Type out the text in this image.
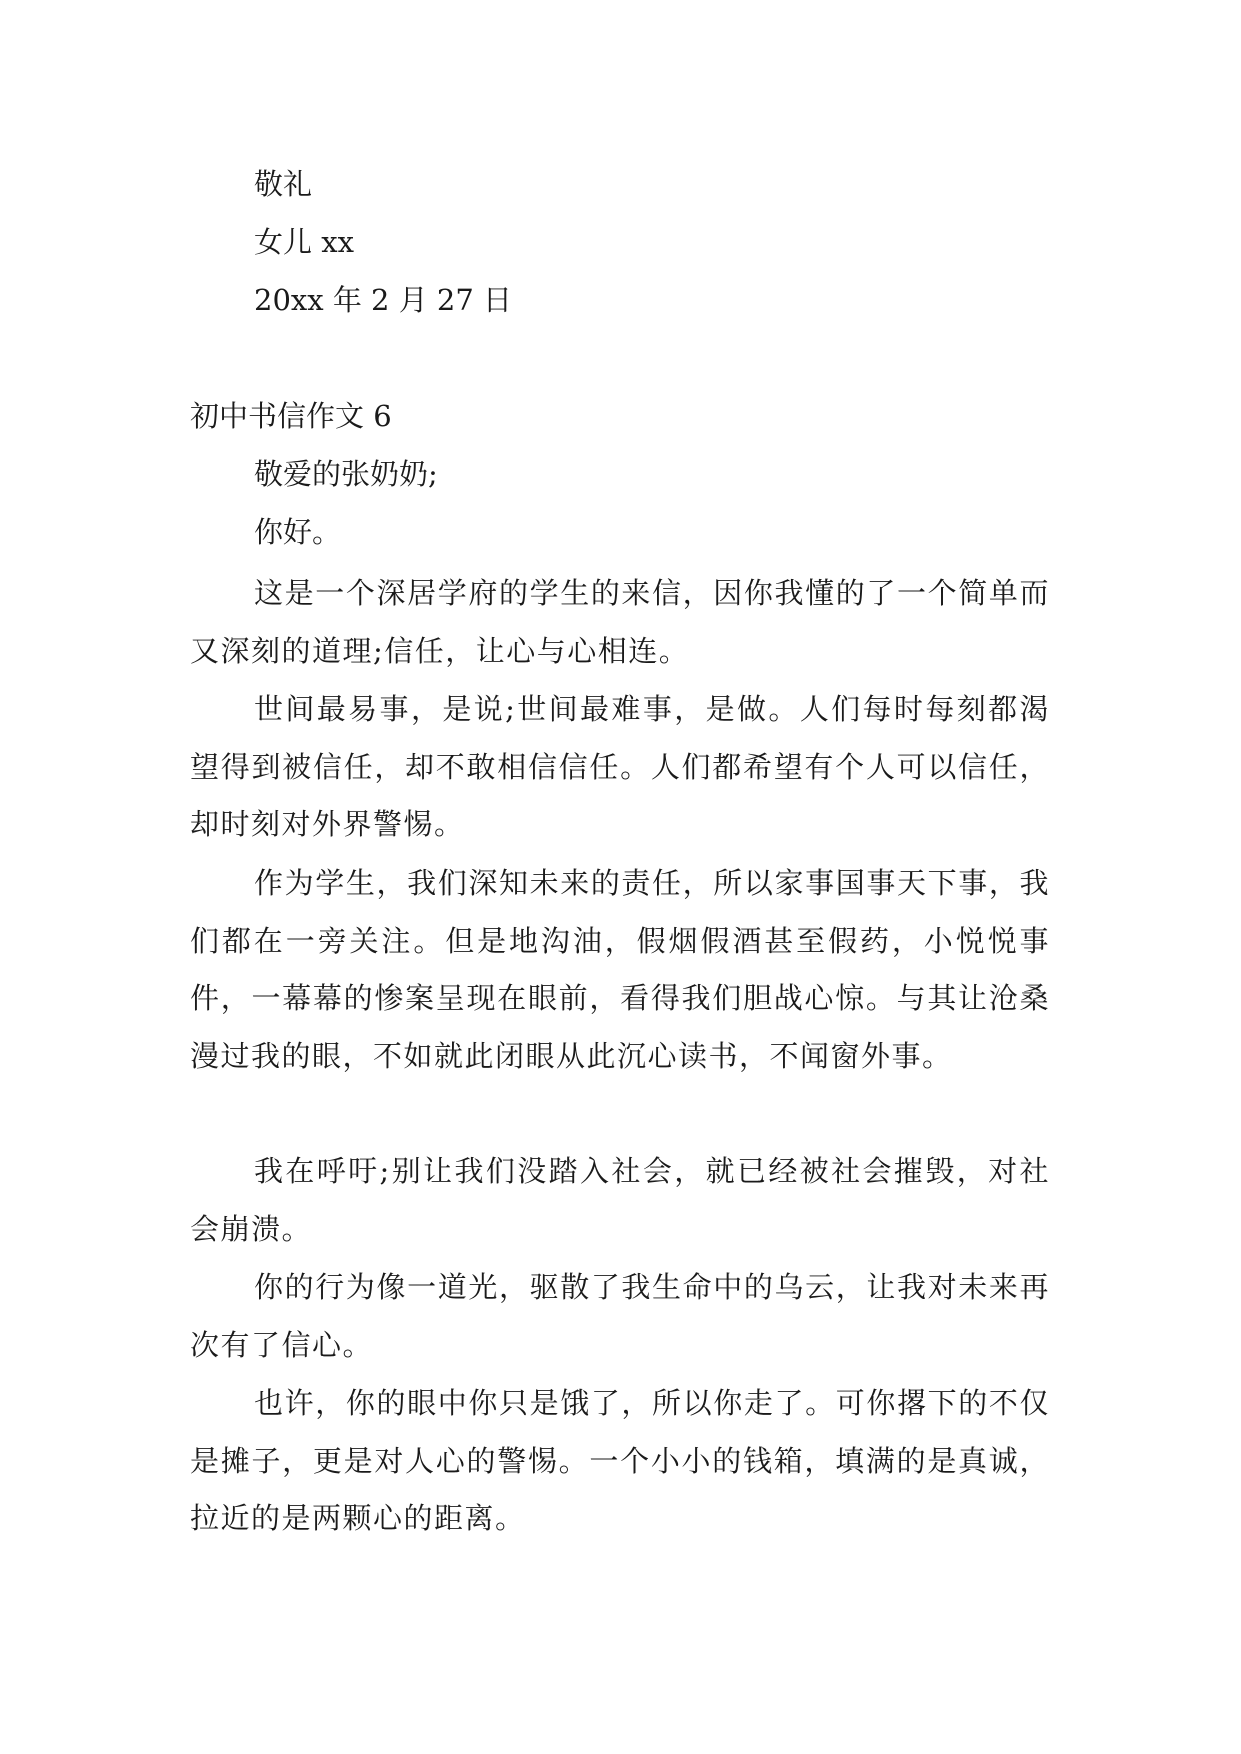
敬礼
女儿 xx
20xx 年 2 月 27 日
初中书信作文 6
敬爱的张奶奶;
你好。
这是一个深居学府的学生的来信，因你我懂的了一个简单而又深刻的道理;信任，让心与心相连。
世间最易事，是说;世间最难事，是做。人们每时每刻都渴望得到被信任，却不敢相信信任。人们都希望有个人可以信任，却时刻对外界警惕。
作为学生，我们深知未来的责任，所以家事国事天下事，我们都在一旁关注。但是地沟油，假烟假酒甚至假药，小悦悦事件，一幕幕的惨案呈现在眼前，看得我们胆战心惊。与其让沧桑漫过我的眼，不如就此闭眼从此沉心读书，不闻窗外事。
我在呼吁;别让我们没踏入社会，就已经被社会摧毁，对社会崩溃。
你的行为像一道光，驱散了我生命中的乌云，让我对未来再次有了信心。
也许，你的眼中你只是饿了，所以你走了。可你撂下的不仅是摊子，更是对人心的警惕。一个小小的钱箱，填满的是真诚，拉近的是两颗心的距离。
